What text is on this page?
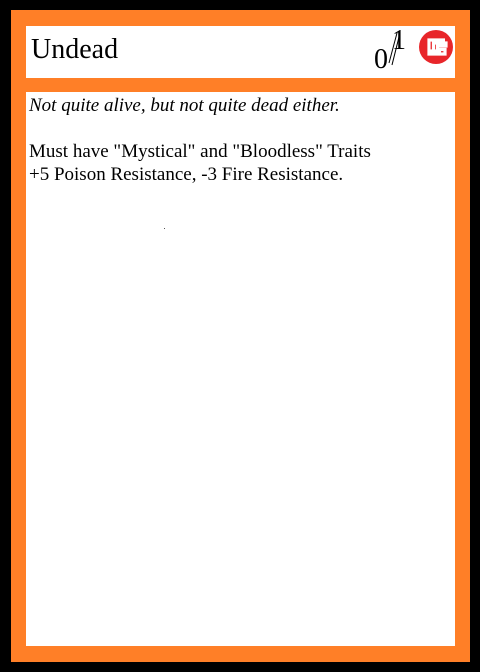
Undead	0
1
Not quite alive, but not quite dead either.
Must have "Mystical" and "Bloodless" Traits
+5 Poison Resistance, -3 Fire Resistance.
